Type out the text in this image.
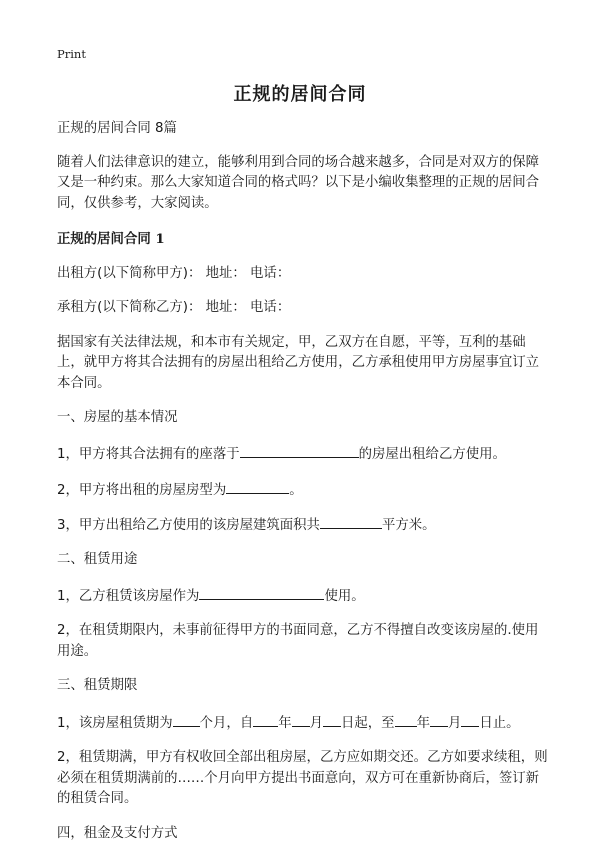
Print
正规的居间合同

正规的居间合同 8篇

随着人们法律意识的建立，能够利用到合同的场合越来越多，合同是对双方的保障又是一种约束。那么大家知道合同的格式吗？以下是小编收集整理的正规的居间合同，仅供参考，大家阅读。

正规的居间合同 1

出租方(以下简称甲方)： 地址： 电话：

承租方(以下简称乙方)： 地址： 电话：

据国家有关法律法规，和本市有关规定，甲，乙双方在自愿，平等，互利的基础上，就甲方将其合法拥有的房屋出租给乙方使用，乙方承租使用甲方房屋事宜订立本合同。

一、房屋的基本情况

1，甲方将其合法拥有的座落于	的房屋出租给乙方使用。

2，甲方将出租的房屋房型为	。

3，甲方出租给乙方使用的该房屋建筑面积共	平方米。

二、租赁用途

1，乙方租赁该房屋作为	使用。

2，在租赁期限内，未事前征得甲方的书面同意，乙方不得擅自改变该房屋的.使用用途。

三、租赁期限

1，该房屋租赁期为 个月，自 年 月 日起，至 年 月 日止。

2，租赁期满，甲方有权收回全部出租房屋，乙方应如期交还。乙方如要求续租，则必须在租赁期满前的……个月向甲方提出书面意向，双方可在重新协商后，签订新的租赁合同。

四，租金及支付方式
